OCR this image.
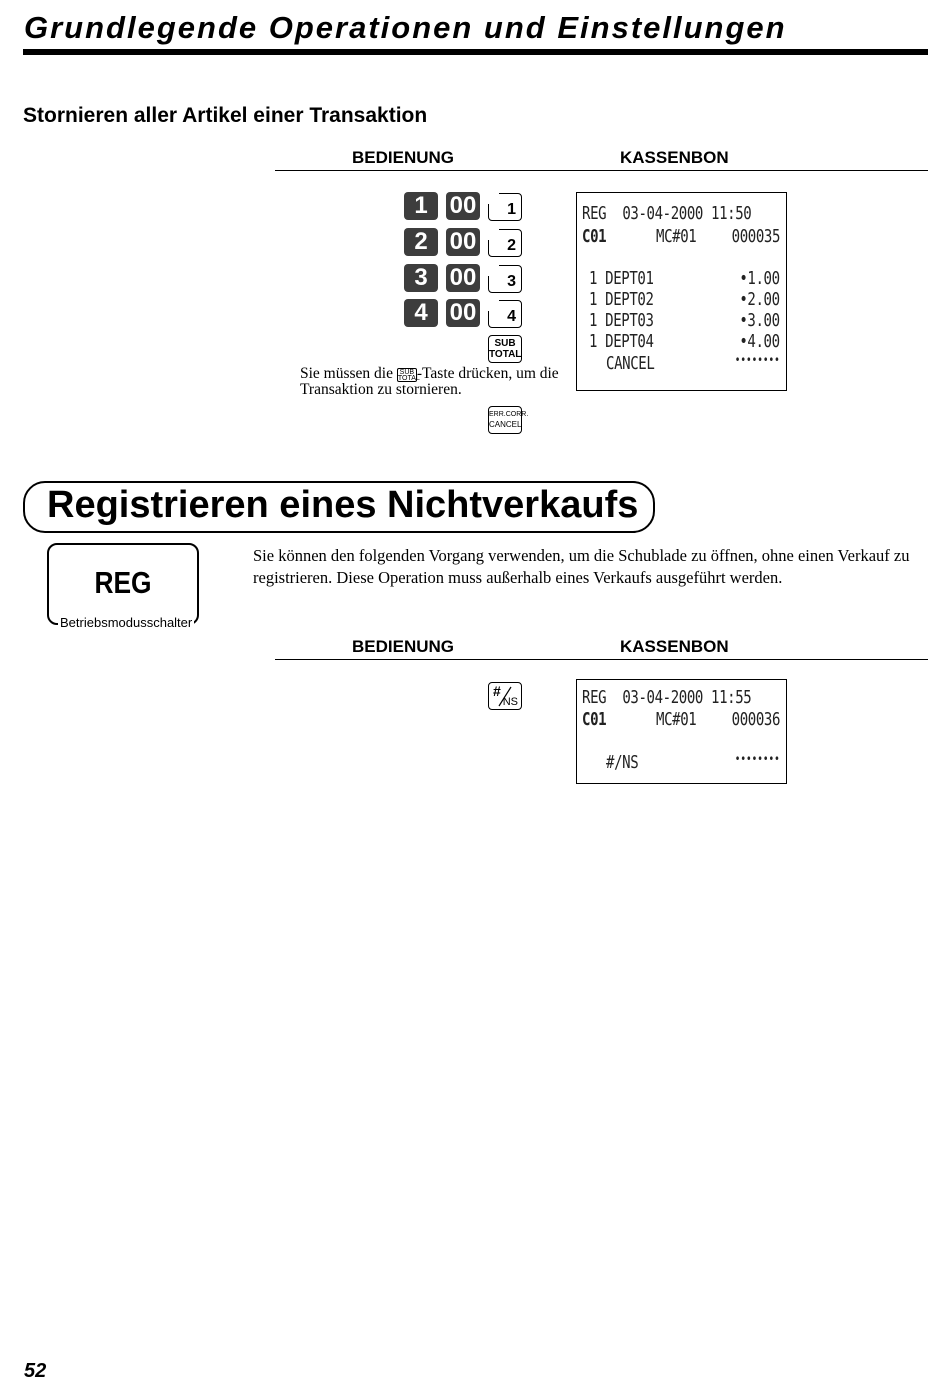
Grundlegende Operationen und Einstellungen
Stornieren aller Artikel einer Transaktion
BEDIENUNG	KASSENBON
1 00 1
2 00 2
3 00 3
4 00 4
SUB
TOTAL
Sie müssen die SUB
TOTAL-Taste drücken, um die Transaktion zu stornieren.
ERR.CORR.
CANCEL
REG  03-04-2000 11:50
C01	MC#01 000035
1 DEPT01	•1.00
1 DEPT02	•2.00
1 DEPT03	•3.00
1 DEPT04	•4.00
CANCEL	••••••••
Registrieren eines Nichtverkaufs
REG
Betriebsmodusschalter
Sie können den folgenden Vorgang verwenden, um die Schublade zu öffnen, ohne einen Verkauf zu registrieren. Diese Operation muss außerhalb eines Verkaufs ausgeführt werden.
BEDIENUNG	KASSENBON
#
NS	REG  03-04-2000 11:55
C01	MC#01 000036
#/NS	••••••••
52
